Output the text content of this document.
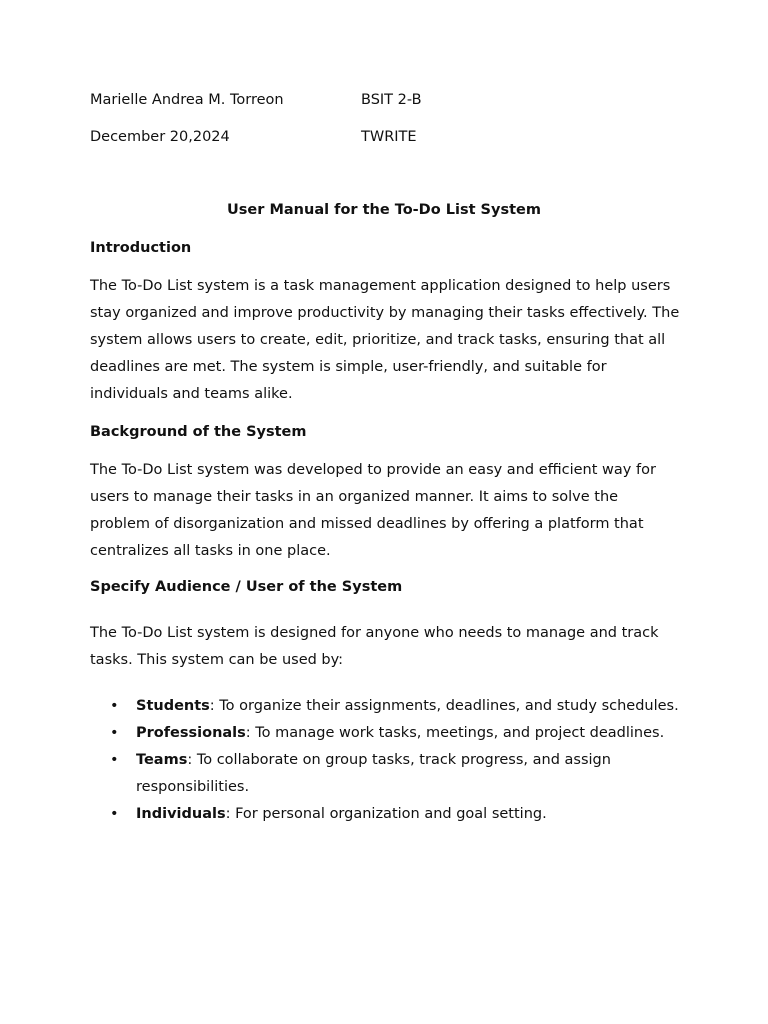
Marielle Andrea M. Torreon	BSIT 2-B
December 20,2024	TWRITE
User Manual for the To-Do List System
Introduction
The To-Do List system is a task management application designed to help users stay organized and improve productivity by managing their tasks effectively. The system allows users to create, edit, prioritize, and track tasks, ensuring that all deadlines are met. The system is simple, user-friendly, and suitable for individuals and teams alike.
Background of the System
The To-Do List system was developed to provide an easy and efficient way for users to manage their tasks in an organized manner. It aims to solve the problem of disorganization and missed deadlines by offering a platform that centralizes all tasks in one place.
Specify Audience / User of the System
The To-Do List system is designed for anyone who needs to manage and track tasks. This system can be used by:
• Students: To organize their assignments, deadlines, and study schedules.
• Professionals: To manage work tasks, meetings, and project deadlines.
• Teams: To collaborate on group tasks, track progress, and assign responsibilities.
• Individuals: For personal organization and goal setting.
